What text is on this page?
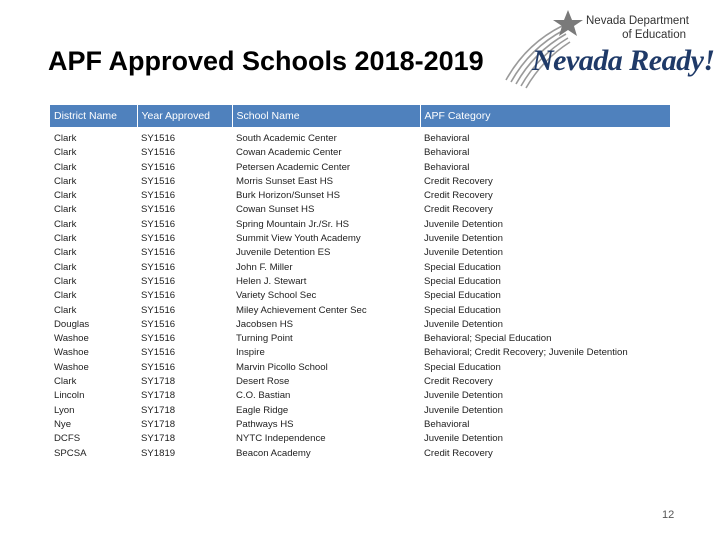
APF Approved Schools 2018-2019
Nevada Department
of Education
Nevada Ready!
District Name	Year Approved	School Name	APF Category

Clark	SY1516	South Academic Center	Behavioral
Clark	SY1516	Cowan Academic Center	Behavioral
Clark	SY1516	Petersen Academic Center	Behavioral
Clark	SY1516	Morris Sunset East HS	Credit Recovery
Clark	SY1516	Burk Horizon/Sunset HS	Credit Recovery
Clark	SY1516	Cowan Sunset HS	Credit Recovery
Clark	SY1516	Spring Mountain Jr./Sr. HS	Juvenile Detention
Clark	SY1516	Summit View Youth Academy	Juvenile Detention
Clark	SY1516	Juvenile Detention ES	Juvenile Detention
Clark	SY1516	John F. Miller	Special Education
Clark	SY1516	Helen J. Stewart	Special Education
Clark	SY1516	Variety School Sec	Special Education
Clark	SY1516	Miley Achievement Center Sec	Special Education
Douglas	SY1516	Jacobsen HS	Juvenile Detention
Washoe	SY1516	Turning Point	Behavioral; Special Education
Washoe	SY1516	Inspire	Behavioral; Credit Recovery; Juvenile Detention
Washoe	SY1516	Marvin Picollo School	Special Education
Clark	SY1718	Desert Rose	Credit Recovery
Lincoln	SY1718	C.O. Bastian	Juvenile Detention
Lyon	SY1718	Eagle Ridge	Juvenile Detention
Nye	SY1718	Pathways HS	Behavioral
DCFS	SY1718	NYTC Independence	Juvenile Detention
SPCSA	SY1819	Beacon Academy	Credit Recovery
12
